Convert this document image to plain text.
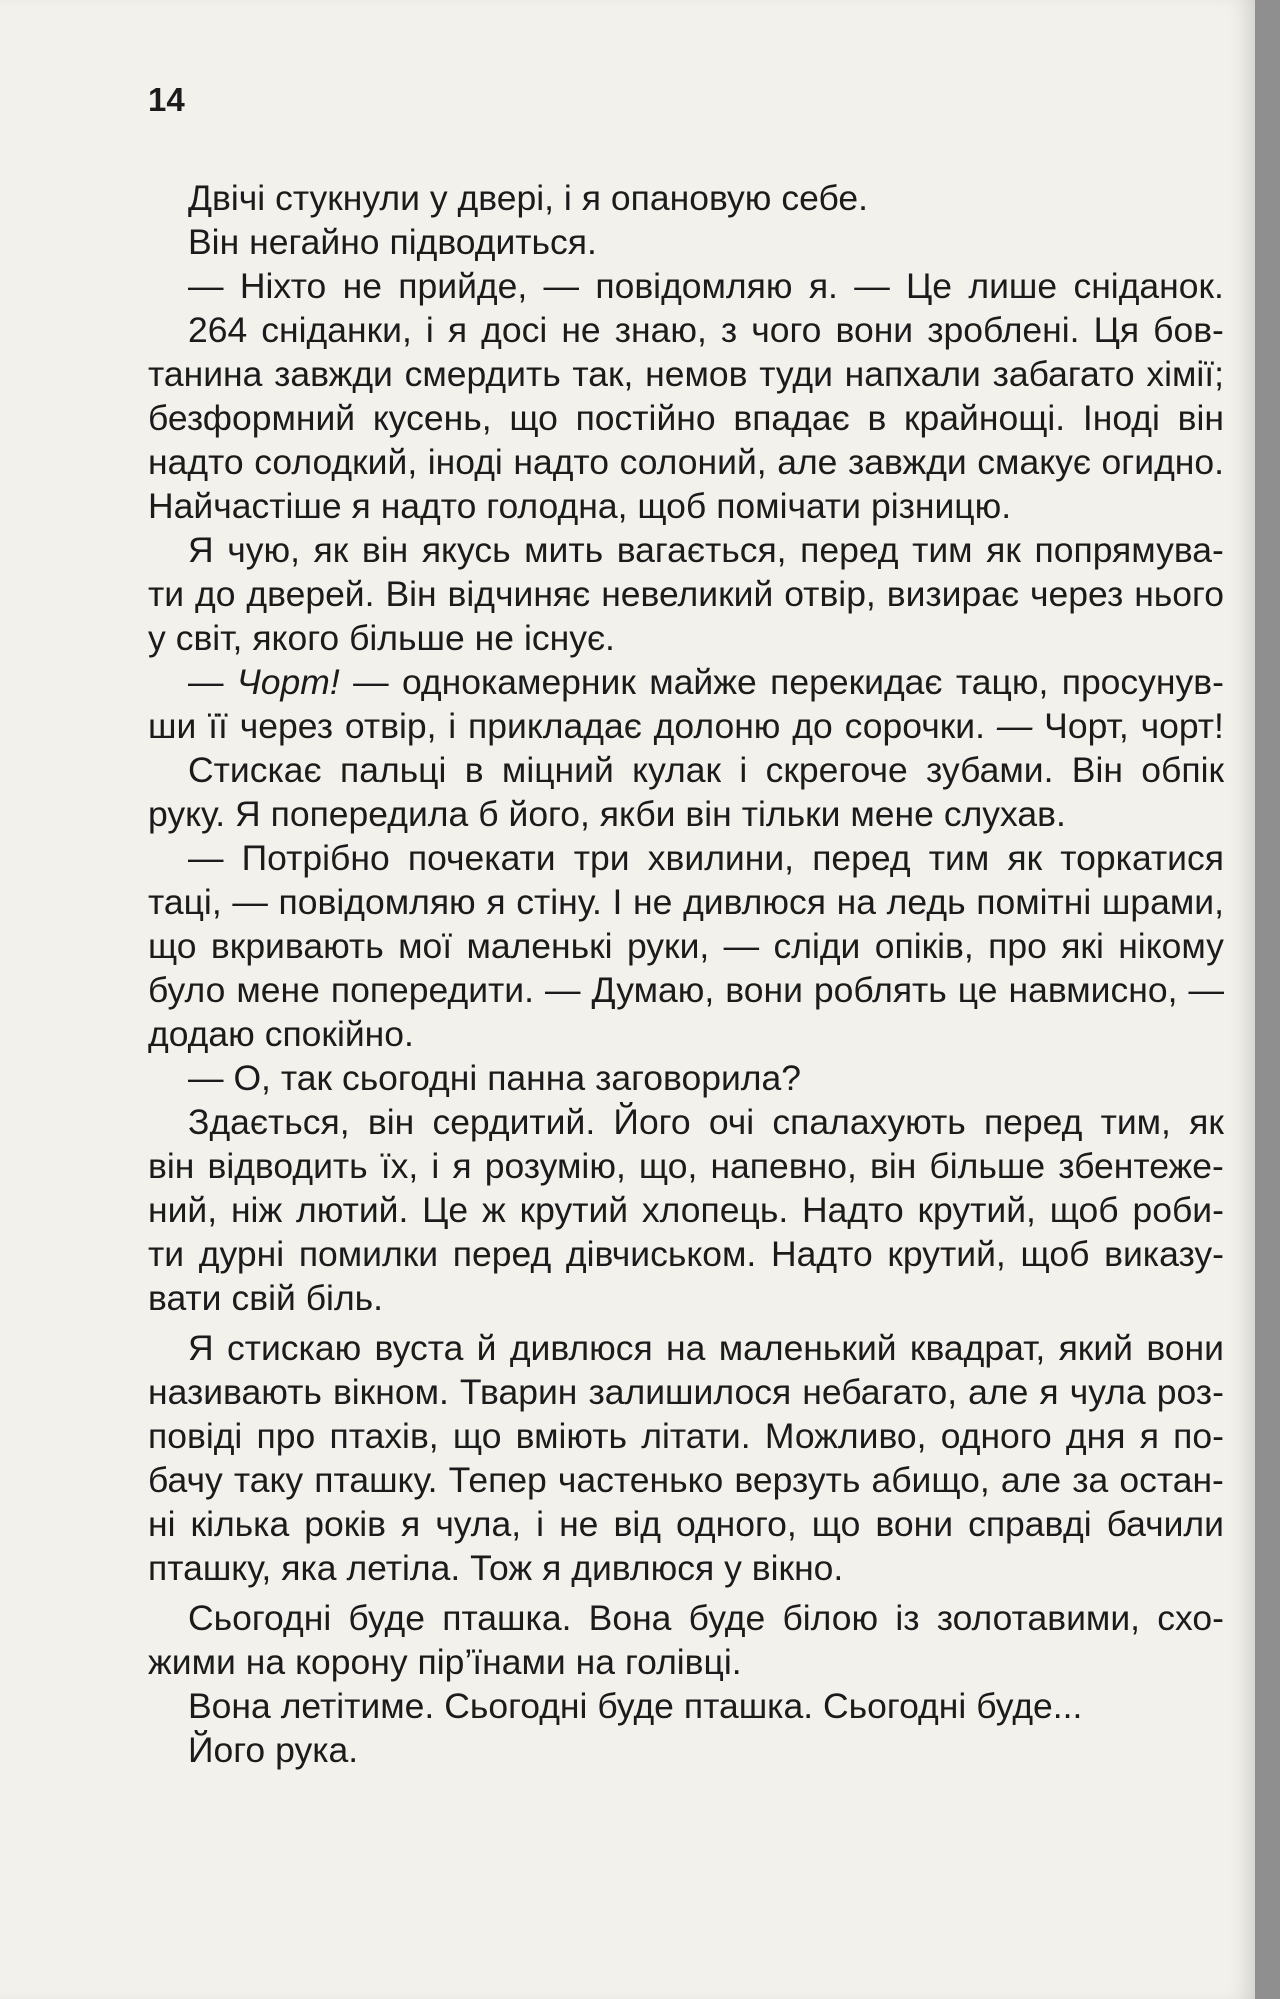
14
Двічі стукнули у двері, і я опановую себе.
Він негайно підводиться.
— Ніхто не прийде, — повідомляю я. — Це лише сніданок.
264 сніданки, і я досі не знаю, з чого вони зроблені. Ця бов-
танина завжди смердить так, немов туди напхали забагато хімії;
безформний кусень, що постійно впадає в крайнощі. Іноді він
надто солодкий, іноді надто солоний, але завжди смакує огидно.
Найчастіше я надто голодна, щоб помічати різницю.
Я чую, як він якусь мить вагається, перед тим як попрямува-
ти до дверей. Він відчиняє невеликий отвір, визирає через нього
у світ, якого більше не існує.
— Чорт! — однокамерник майже перекидає тацю, просунув-
ши її через отвір, і прикладає долоню до сорочки. — Чорт, чорт!
Стискає пальці в міцний кулак і скрегоче зубами. Він обпік
руку. Я попередила б його, якби він тільки мене слухав.
— Потрібно почекати три хвилини, перед тим як торкатися
таці, — повідомляю я стіну. І не дивлюся на ледь помітні шрами,
що вкривають мої маленькі руки, — сліди опіків, про які нікому
було мене попередити. — Думаю, вони роблять це навмисно, —
додаю спокійно.
— О, так сьогодні панна заговорила?
Здається, він сердитий. Його очі спалахують перед тим, як
він відводить їх, і я розумію, що, напевно, він більше збентеже-
ний, ніж лютий. Це ж крутий хлопець. Надто крутий, щоб роби-
ти дурні помилки перед дівчиськом. Надто крутий, щоб виказу-
вати свій біль.
Я стискаю вуста й дивлюся на маленький квадрат, який вони
називають вікном. Тварин залишилося небагато, але я чула роз-
повіді про птахів, що вміють літати. Можливо, одного дня я по-
бачу таку пташку. Тепер частенько верзуть абищо, але за остан-
ні кілька років я чула, і не від одного, що вони справді бачили
пташку, яка летіла. Тож я дивлюся у вікно.
Сьогодні буде пташка. Вона буде білою із золотавими, схо-
жими на корону пір’їнами на голівці.
Вона летітиме. Сьогодні буде пташка. Сьогодні буде...
Його рука.
